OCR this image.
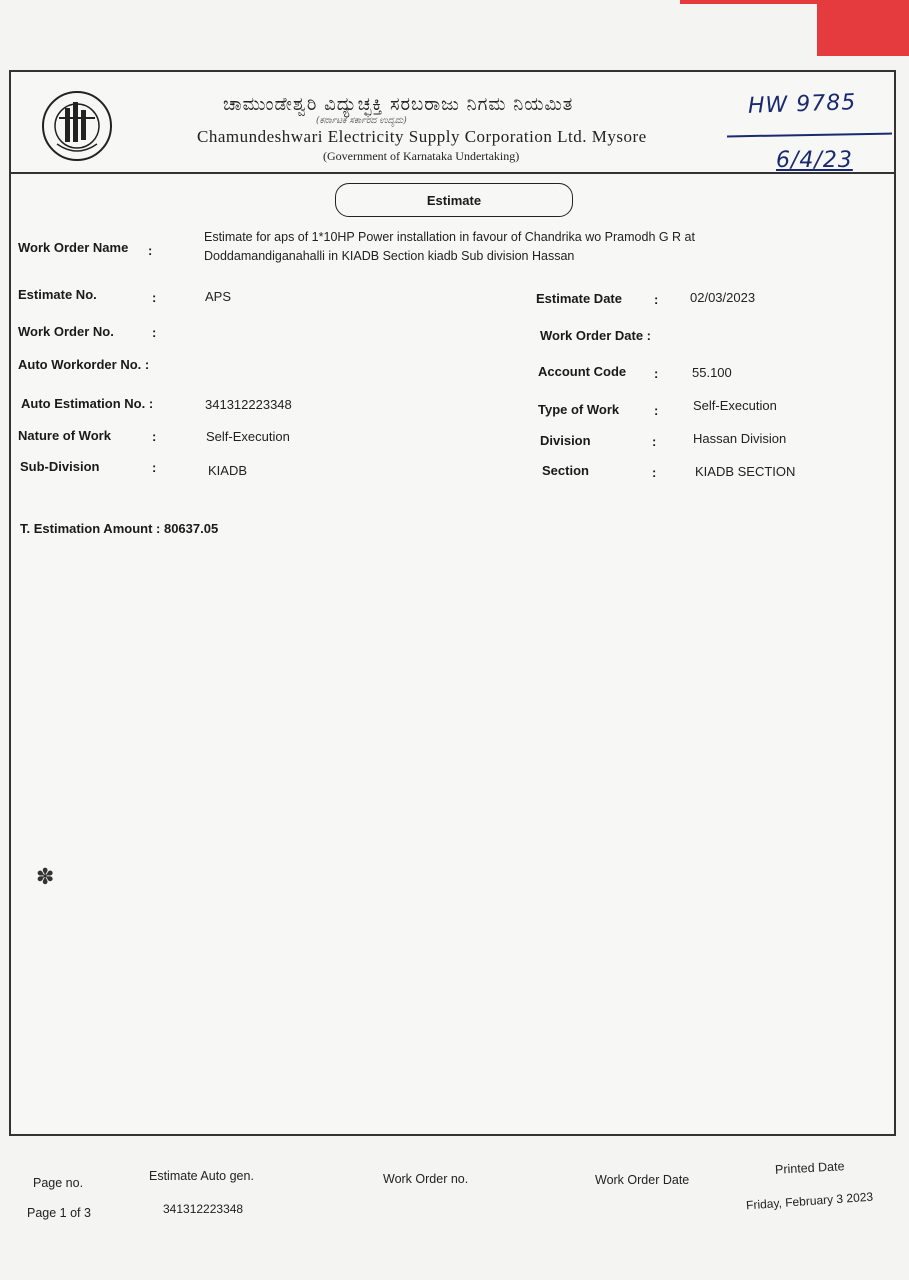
ಚಾಮುಂಡೇಶ್ವರಿ ವಿದ್ಯುಚ್ಛಕ್ತಿ ಸರಬರಾಜು ನಿಗಮ ನಿಯಮಿತ
(ಕರ್ನಾಟಕ ಸರ್ಕಾರದ ಉದ್ಯಮ)
Chamundeshwari Electricity Supply Corporation Ltd. Mysore
(Government of Karnataka Undertaking)
HW 9785
6/4/23
Estimate
Work Order Name :
Estimate for aps of 1*10HP Power installation in favour of Chandrika wo Pramodh G R at Doddamandiganahalli in KIADB Section kiadb Sub division Hassan
Estimate No.	:	APS	Estimate Date : 02/03/2023
Work Order No.	:	Work Order Date :
Auto Workorder No. :	Account Code :	55.100
Auto Estimation No. :	341312223348	Type of Work	:	Self-Execution
Nature of Work	:	Self-Execution	Division	:	Hassan Division
Sub-Division	:	KIADB	Section	:	KIADB SECTION
T. Estimation Amount : 80637.05
✽
Page no.
Page 1 of 3
Estimate Auto gen.
341312223348
Work Order no.	Work Order Date
Printed Date
Friday, February 3 2023
